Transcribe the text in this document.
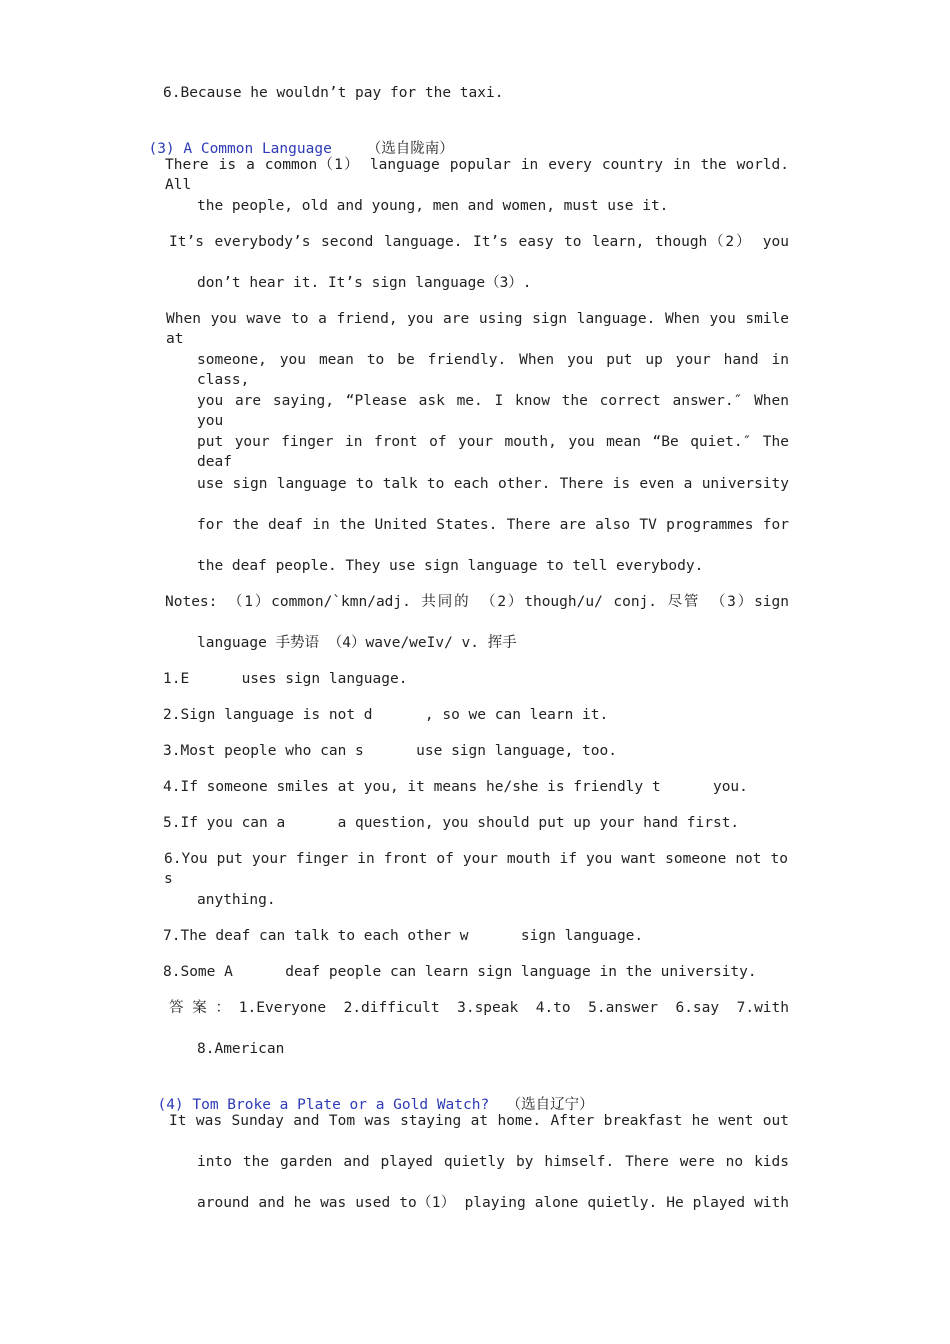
6.Because he wouldn’t pay for the taxi.

(3) A Common Language （选自陇南）

There is a common（1） language popular in every country in the world. All
the people, old and young, men and women, must use it.
It’s everybody’s second language. It’s easy to learn, though（2） you
don’t hear it. It’s sign language（3）.
When you wave to a friend, you are using sign language. When you smile at
someone, you mean to be friendly. When you put up your hand in class,
you are saying, “Please ask me. I know the correct answer.″ When you
put your finger in front of your mouth, you mean “Be quiet.″ The deaf
use sign language to talk to each other. There is even a university
for the deaf in the United States. There are also TV programmes for
the deaf people. They use sign language to tell everybody.
Notes: （1）common/`kmn/adj. 共同的 （2）though/u/ conj. 尽管 （3）sign
language 手势语 （4）wave/weIv/ v. 挥手
1.E      uses sign language.
2.Sign language is not d      , so we can learn it.
3.Most people who can s      use sign language, too.
4.If someone smiles at you, it means he/she is friendly t      you.
5.If you can a      a question, you should put up your hand first.
6.You put your finger in front of your mouth if you want someone not to s
anything.
7.The deaf can talk to each other w      sign language.
8.Some A      deaf people can learn sign language in the university.
答案：1.Everyone 2.difficult 3.speak 4.to 5.answer 6.say 7.with
8.American

(4) Tom Broke a Plate or a Gold Watch? （选自辽宁）

It was Sunday and Tom was staying at home. After breakfast he went out
into the garden and played quietly by himself. There were no kids
around and he was used to（1） playing alone quietly. He played with
